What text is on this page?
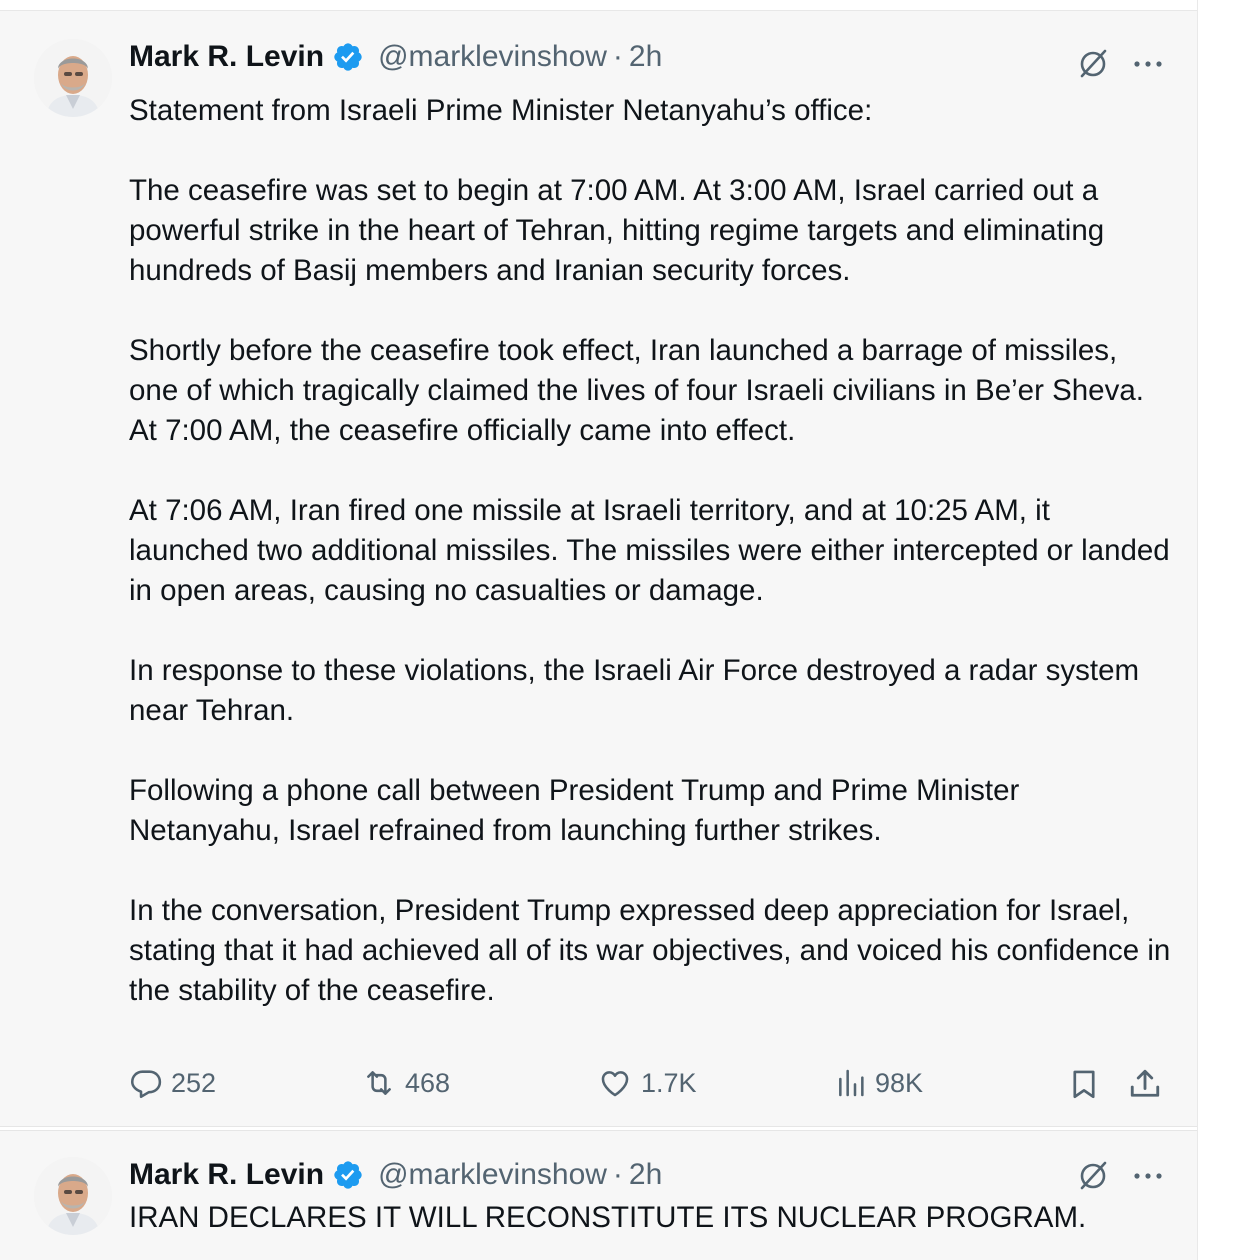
Mark R. Levin @marklevinshow · 2h
Statement from Israeli Prime Minister Netanyahu’s office:

The ceasefire was set to begin at 7:00 AM. At 3:00 AM, Israel carried out a powerful strike in the heart of Tehran, hitting regime targets and eliminating hundreds of Basij members and Iranian security forces.

Shortly before the ceasefire took effect, Iran launched a barrage of missiles, one of which tragically claimed the lives of four Israeli civilians in Be’er Sheva.
At 7:00 AM, the ceasefire officially came into effect.

At 7:06 AM, Iran fired one missile at Israeli territory, and at 10:25 AM, it launched two additional missiles. The missiles were either intercepted or landed in open areas, causing no casualties or damage.

In response to these violations, the Israeli Air Force destroyed a radar system near Tehran.

Following a phone call between President Trump and Prime Minister Netanyahu, Israel refrained from launching further strikes.

In the conversation, President Trump expressed deep appreciation for Israel, stating that it had achieved all of its war objectives, and voiced his confidence in the stability of the ceasefire.
252	468	1.7K	98K
Mark R. Levin @marklevinshow · 2h
IRAN DECLARES IT WILL RECONSTITUTE ITS NUCLEAR PROGRAM.
